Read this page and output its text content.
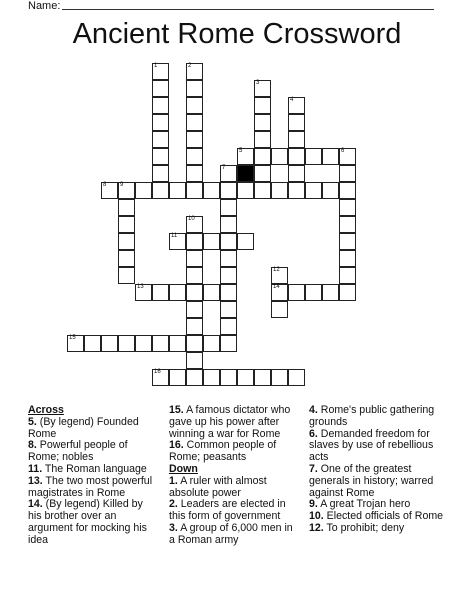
Name:
Ancient Rome Crossword
1	2
3
4
5	6
7
8 9
10
11
12
14
13
15
16
Across
5. (By legend) Founded Rome
8. Powerful people of Rome; nobles
11. The Roman language
13. The two most powerful magistrates in Rome
14. (By legend) Killed by his brother over an argument for mocking his idea
15. A famous dictator who gave up his power after winning a war for Rome
16. Common people of Rome; peasants
Down
1. A ruler with almost absolute power
2. Leaders are elected in this form of government
3. A group of 6,000 men in a Roman army
4. Rome's public gathering grounds
6. Demanded freedom for slaves by use of rebellious acts
7. One of the greatest generals in history; warred against Rome
9. A great Trojan hero
10. Elected officials of Rome
12. To prohibit; deny
